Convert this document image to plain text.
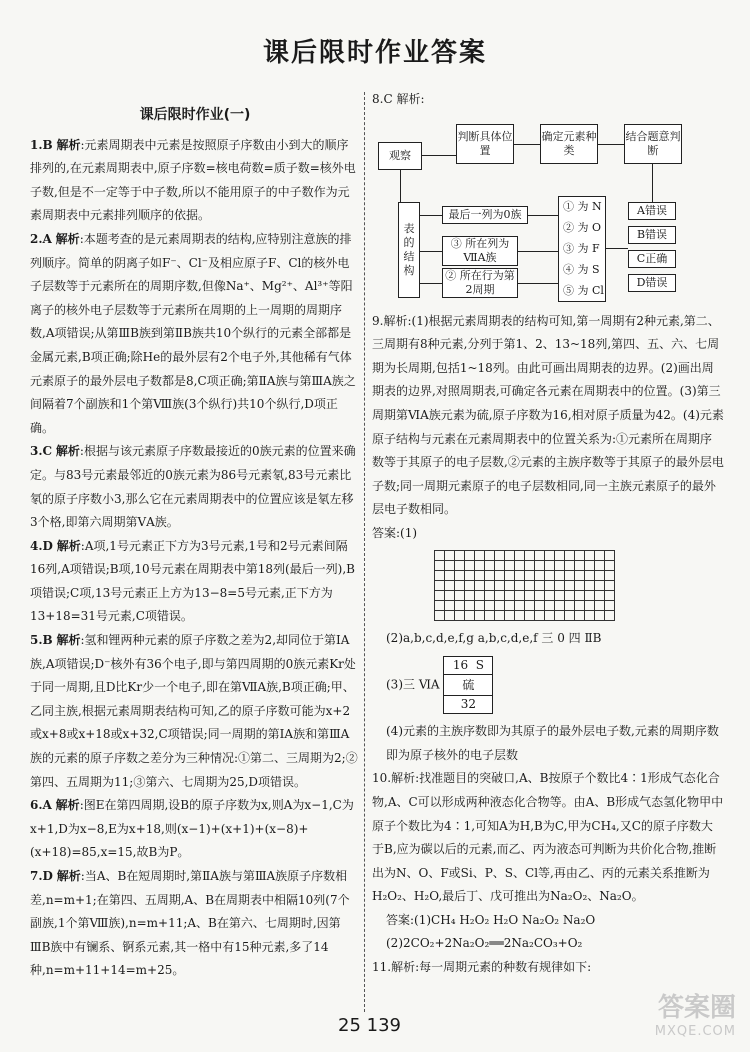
课后限时作业答案
课后限时作业(一)

1.B 解析:元素周期表中元素是按照原子序数由小到大的顺序排列的,在元素周期表中,原子序数=核电荷数=质子数=核外电子数,但是不一定等于中子数,所以不能用原子的中子数作为元素周期表中元素排列顺序的依据。

2.A 解析:本题考查的是元素周期表的结构,应特别注意族的排列顺序。简单的阴离子如F⁻、Cl⁻及相应原子F、Cl的核外电子层数等于元素所在的周期序数,但像Na⁺、Mg²⁺、Al³⁺等阳离子的核外电子层数等于元素所在周期的上一周期的周期序数,A项错误;从第ⅢB族到第ⅡB族共10个纵行的元素全部都是金属元素,B项正确;除He的最外层有2个电子外,其他稀有气体元素原子的最外层电子数都是8,C项正确;第ⅡA族与第ⅢA族之间隔着7个副族和1个第Ⅷ族(3个纵行)共10个纵行,D项正确。

3.C 解析:根据与该元素原子序数最接近的0族元素的位置来确定。与83号元素最邻近的0族元素为86号元素氡,83号元素比氡的原子序数小3,那么它在元素周期表中的位置应该是氡左移3个格,即第六周期第ⅤA族。

4.D 解析:A项,1号元素正下方为3号元素,1号和2号元素间隔16列,A项错误;B项,10号元素在周期表中第18列(最后一列),B项错误;C项,13号元素正上方为13−8=5号元素,正下方为13+18=31号元素,C项错误。

5.B 解析:氢和锂两种元素的原子序数之差为2,却同位于第ⅠA族,A项错误;D⁻核外有36个电子,即与第四周期的0族元素Kr处于同一周期,且D比Kr少一个电子,即在第ⅦA族,B项正确;甲、乙同主族,根据元素周期表结构可知,乙的原子序数可能为x+2或x+8或x+18或x+32,C项错误;同一周期的第ⅠA族和第ⅢA族的元素的原子序数之差分为三种情况:①第二、三周期为2;②第四、五周期为11;③第六、七周期为25,D项错误。

6.A 解析:图E在第四周期,设B的原子序数为x,则A为x−1,C为x+1,D为x−8,E为x+18,则(x−1)+(x+1)+(x−8)+(x+18)=85,x=15,故B为P。

7.D 解析:当A、B在短周期时,第ⅡA族与第ⅢA族原子序数相差,n=m+1;在第四、五周期,A、B在周期表中相隔10列(7个副族,1个第Ⅷ族),n=m+11;A、B在第六、七周期时,因第ⅢB族中有镧系、锕系元素,其一格中有15种元素,多了14种,n=m+11+14=m+25。

8.C 解析:

观察
判断具体位置
确定元素种类
结合题意判断
表的结构
最后一列为0族
③ 所在列为ⅦA族
② 所在行为第2周期
① 为 N
② 为 O
③ 为 F
④ 为 S
⑤ 为 Cl
A错误
B错误
C正确
D错误

9.解析:(1)根据元素周期表的结构可知,第一周期有2种元素,第二、三周期有8种元素,分列于第1、2、13~18列,第四、五、六、七周期为长周期,包括1~18列。由此可画出周期表的边界。(2)画出周期表的边界,对照周期表,可确定各元素在周期表中的位置。(3)第三周期第ⅥA族元素为硫,原子序数为16,相对原子质量为42。(4)元素原子结构与元素在元素周期表中的位置关系为:①元素所在周期序数等于其原子的电子层数,②元素的主族序数等于其原子的最外层电子数;同一周期元素原子的电子层数相同,同一主族元素原子的最外层电子数相同。

答案:(1)

(2)a,b,c,d,e,f,g a,b,c,d,e,f 三 0 四 ⅡB

(3)三 ⅥA
16 S
硫
32

(4)元素的主族序数即为其原子的最外层电子数,元素的周期序数即为原子核外的电子层数

10.解析:找准题目的突破口,A、B按原子个数比4∶1形成气态化合物,A、C可以形成两种液态化合物等。由A、B形成气态氢化物甲中原子个数比为4∶1,可知A为H,B为C,甲为CH₄,又C的原子序数大于B,应为碳以后的元素,而乙、丙为液态可判断为共价化合物,推断出为N、O、F或Si、P、S、Cl等,再由乙、丙的元素关系推断为H₂O₂、H₂O,最后丁、戊可推出为Na₂O₂、Na₂O。

答案:(1)CH₄ H₂O₂ H₂O Na₂O₂ Na₂O

(2)2CO₂+2Na₂O₂══2Na₂CO₃+O₂

11.解析:每一周期元素的种数有规律如下:

25 139
答案圈
MXQE.COM
